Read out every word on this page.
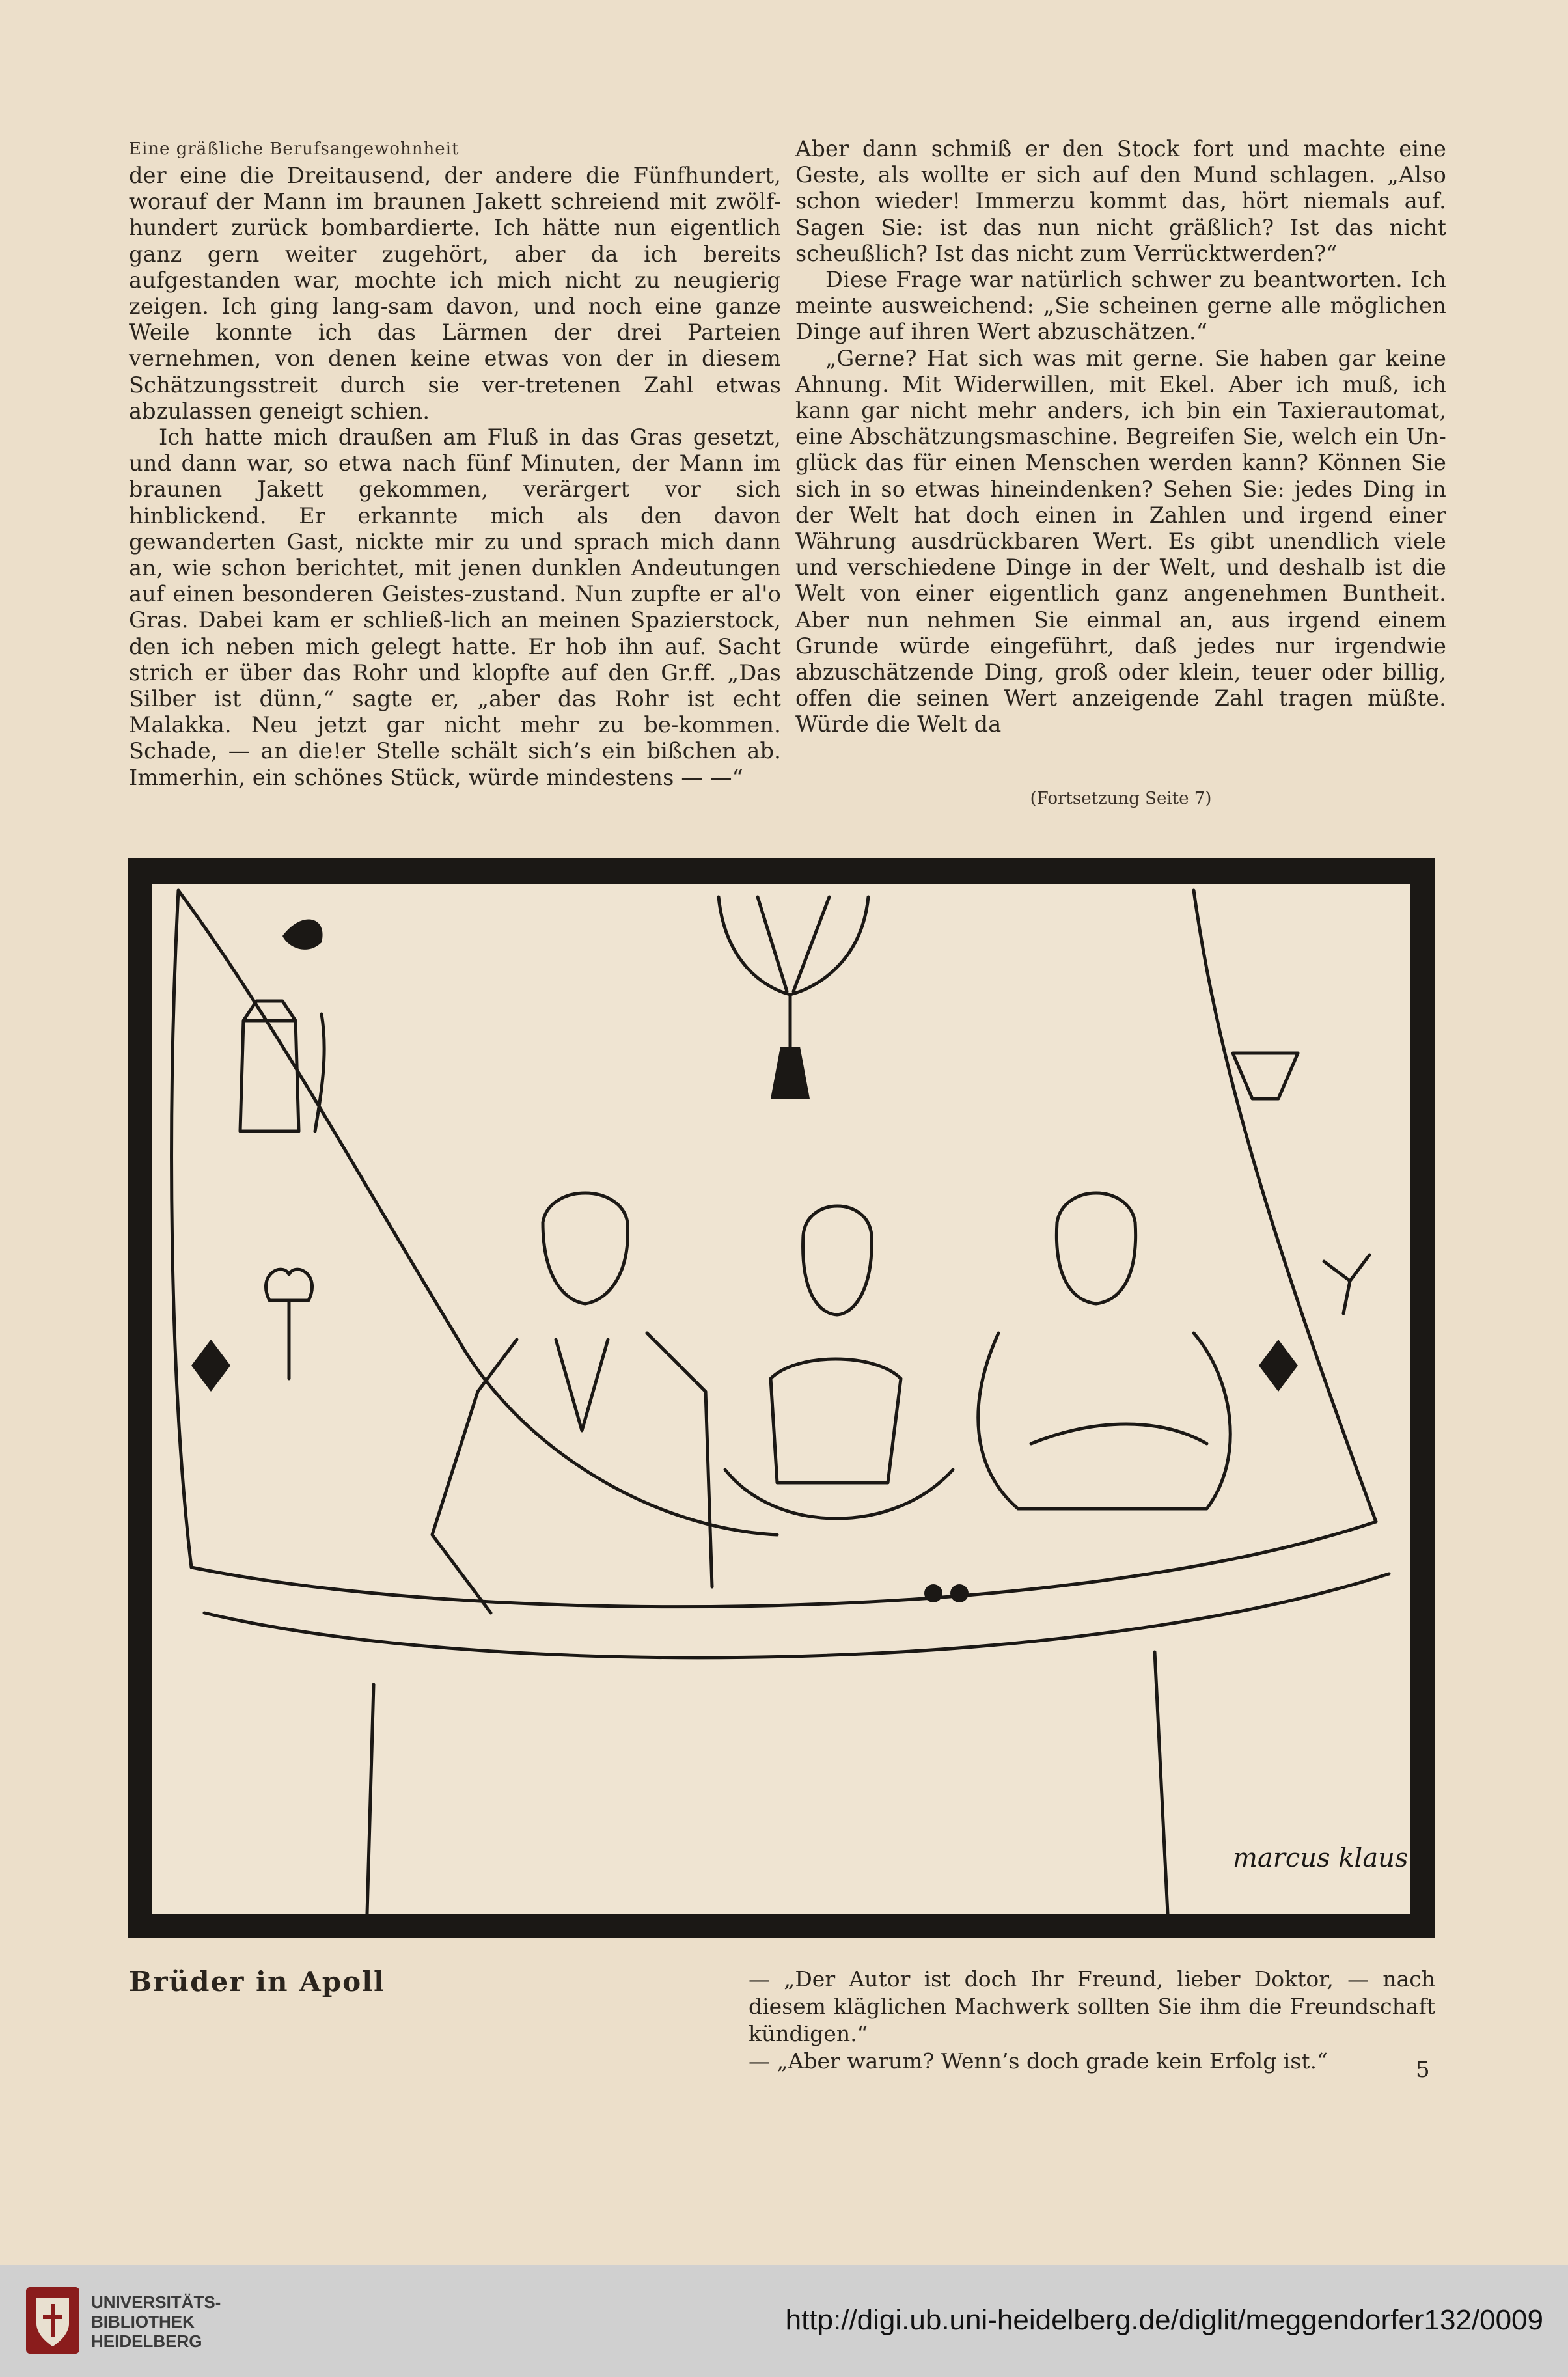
Eine gräßliche Berufsangewohnheit

der eine die Dreitausend, der andere die Fünfhundert, worauf der Mann im braunen Jakett schreiend mit zwölf-hundert zurück bombardierte. Ich hätte nun eigentlich ganz gern weiter zugehört, aber da ich bereits aufgestanden war, mochte ich mich nicht zu neugierig zeigen. Ich ging lang-sam davon, und noch eine ganze Weile konnte ich das Lärmen der drei Parteien vernehmen, von denen keine etwas von der in diesem Schätzungsstreit durch sie ver-tretenen Zahl etwas abzulassen geneigt schien.

Ich hatte mich draußen am Fluß in das Gras gesetzt, und dann war, so etwa nach fünf Minuten, der Mann im braunen Jakett gekommen, verärgert vor sich hinblickend. Er erkannte mich als den davon gewanderten Gast, nickte mir zu und sprach mich dann an, wie schon berichtet, mit jenen dunklen Andeutungen auf einen besonderen Geistes-zustand. Nun zupfte er al'o Gras. Dabei kam er schließ-lich an meinen Spazierstock, den ich neben mich gelegt hatte. Er hob ihn auf. Sacht strich er über das Rohr und klopfte auf den Gr.ff. „Das Silber ist dünn,“ sagte er, „aber das Rohr ist echt Malakka. Neu jetzt gar nicht mehr zu be-kommen. Schade, — an die!er Stelle schält sich’s ein bißchen ab. Immerhin, ein schönes Stück, würde mindestens — —“

Aber dann schmiß er den Stock fort und machte eine Geste, als wollte er sich auf den Mund schlagen. „Also schon wieder! Immerzu kommt das, hört niemals auf. Sagen Sie: ist das nun nicht gräßlich? Ist das nicht scheußlich? Ist das nicht zum Verrücktwerden?“

Diese Frage war natürlich schwer zu beantworten. Ich meinte ausweichend: „Sie scheinen gerne alle möglichen Dinge auf ihren Wert abzuschätzen.“

„Gerne? Hat sich was mit gerne. Sie haben gar keine Ahnung. Mit Widerwillen, mit Ekel. Aber ich muß, ich kann gar nicht mehr anders, ich bin ein Taxierautomat, eine Abschätzungsmaschine. Begreifen Sie, welch ein Un-glück das für einen Menschen werden kann? Können Sie sich in so etwas hineindenken? Sehen Sie: jedes Ding in der Welt hat doch einen in Zahlen und irgend einer Währung ausdrückbaren Wert. Es gibt unendlich viele und verschiedene Dinge in der Welt, und deshalb ist die Welt von einer eigentlich ganz angenehmen Buntheit. Aber nun nehmen Sie einmal an, aus irgend einem Grunde würde eingeführt, daß jedes nur irgendwie abzuschätzende Ding, groß oder klein, teuer oder billig, offen die seinen Wert anzeigende Zahl tragen müßte. Würde die Welt da

(Fortsetzung Seite 7)
marcus klaus
Brüder in Apoll	— „Der Autor ist doch Ihr Freund, lieber Doktor, — nach diesem kläglichen Machwerk sollten Sie ihm die Freundschaft kündigen.“

— „Aber warum? Wenn’s doch grade kein Erfolg ist.“	5
UNIVERSITÄTS-
BIBLIOTHEK
HEIDELBERG
http://digi.ub.uni-heidelberg.de/diglit/meggendorfer132/0009
